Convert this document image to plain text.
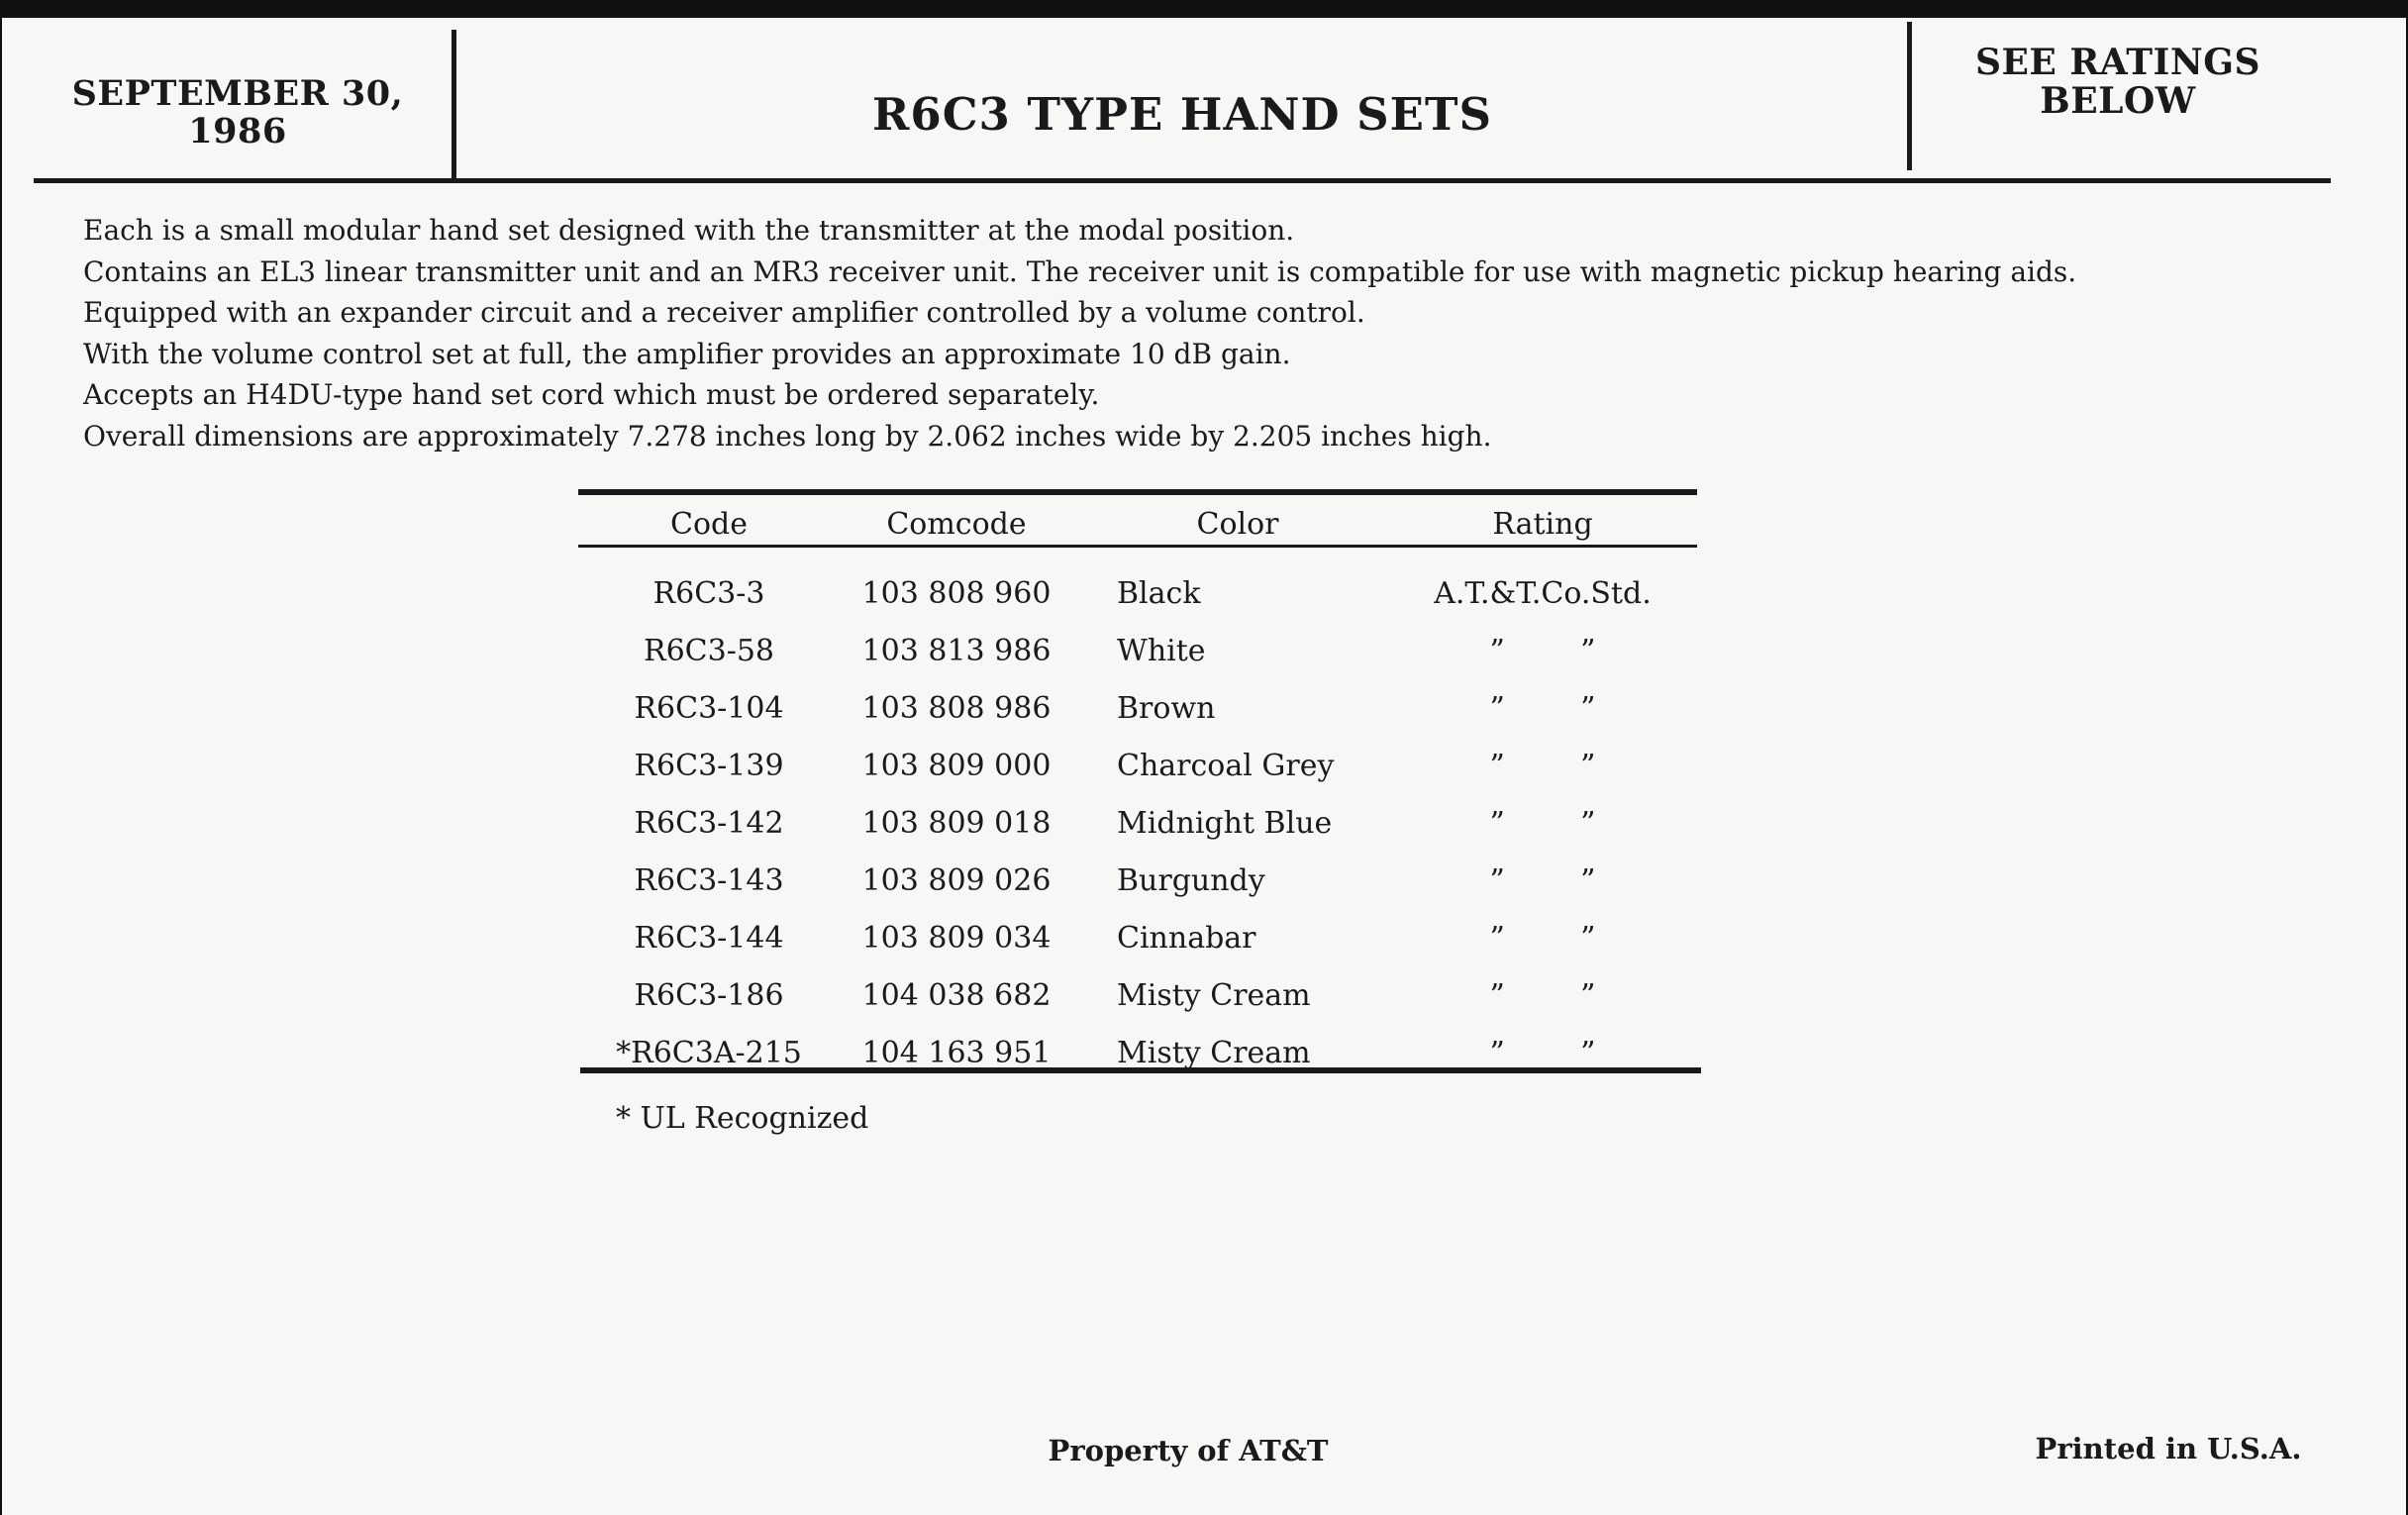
SEPTEMBER 30,
1986	R6C3 TYPE HAND SETS
SEE RATINGS
BELOW
Each is a small modular hand set designed with the transmitter at the modal position.
Contains an EL3 linear transmitter unit and an MR3 receiver unit. The receiver unit is compatible for use with magnetic pickup hearing aids.
Equipped with an expander circuit and a receiver amplifier controlled by a volume control.
With the volume control set at full, the amplifier provides an approximate 10 dB gain.
Accepts an H4DU-type hand set cord which must be ordered separately.
Overall dimensions are approximately 7.278 inches long by 2.062 inches wide by 2.205 inches high.
Code	Comcode	Color	Rating
R6C3-3	103 808 960	Black	A.T.&T.Co.Std.
R6C3-58	103 813 986	White	”        ”
R6C3-104	103 808 986	Brown	”        ”
R6C3-139	103 809 000	Charcoal Grey	”        ”
R6C3-142	103 809 018	Midnight Blue	”        ”
R6C3-143	103 809 026	Burgundy	”        ”
R6C3-144	103 809 034	Cinnabar	”        ”
R6C3-186	104 038 682	Misty Cream	”        ”
*R6C3A-215	104 163 951	Misty Cream	”        ”
* UL Recognized
Property of AT&T	Printed in U.S.A.
